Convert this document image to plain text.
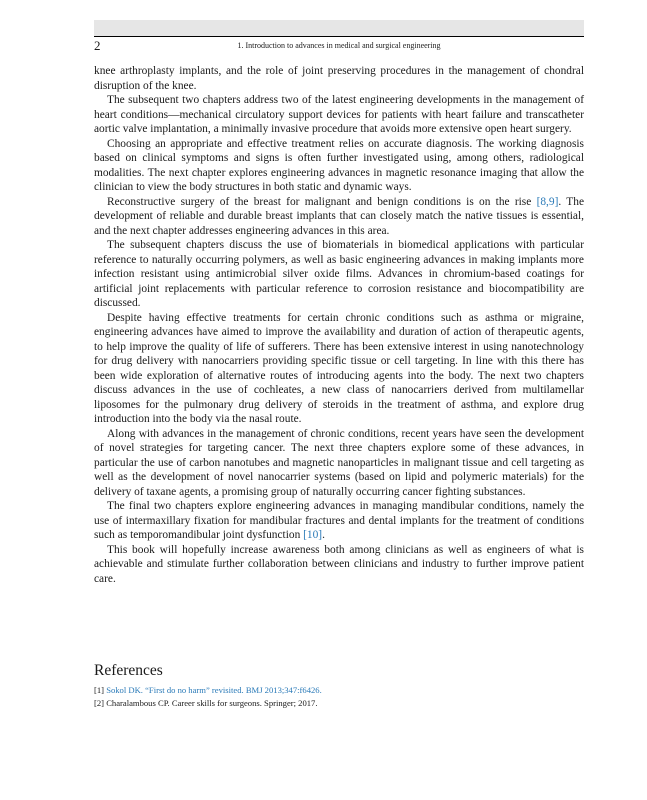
2	1. Introduction to advances in medical and surgical engineering

knee arthroplasty implants, and the role of joint preserving procedures in the management of chondral disruption of the knee.

The subsequent two chapters address two of the latest engineering developments in the management of heart conditions—mechanical circulatory support devices for patients with heart failure and transcatheter aortic valve implantation, a minimally invasive procedure that avoids more extensive open heart surgery.

Choosing an appropriate and effective treatment relies on accurate diagnosis. The working diagnosis based on clinical symptoms and signs is often further investigated using, among others, radiological modalities. The next chapter explores engineering advances in magnetic resonance imaging that allow the clinician to view the body structures in both static and dynamic ways.

Reconstructive surgery of the breast for malignant and benign conditions is on the rise [8,9]. The development of reliable and durable breast implants that can closely match the native tissues is essential, and the next chapter addresses engineering advances in this area.

The subsequent chapters discuss the use of biomaterials in biomedical applications with particular reference to naturally occurring polymers, as well as basic engineering advances in making implants more infection resistant using antimicrobial silver oxide films. Advances in chromium-based coatings for artificial joint replacements with particular reference to corrosion resistance and biocompatibility are discussed.

Despite having effective treatments for certain chronic conditions such as asthma or migraine, engineering advances have aimed to improve the availability and duration of action of therapeutic agents, to help improve the quality of life of sufferers. There has been extensive interest in using nanotechnology for drug delivery with nanocarriers providing specific tissue or cell targeting. In line with this there has been wide exploration of alternative routes of introducing agents into the body. The next two chapters discuss advances in the use of cochleates, a new class of nanocarriers derived from multilamellar liposomes for the pulmonary drug delivery of steroids in the treatment of asthma, and explore drug introduction into the body via the nasal route.

Along with advances in the management of chronic conditions, recent years have seen the development of novel strategies for targeting cancer. The next three chapters explore some of these advances, in particular the use of carbon nanotubes and magnetic nanoparticles in malignant tissue and cell targeting as well as the development of novel nanocarrier systems (based on lipid and polymeric materials) for the delivery of taxane agents, a promising group of naturally occurring cancer fighting substances.

The final two chapters explore engineering advances in managing mandibular conditions, namely the use of intermaxillary fixation for mandibular fractures and dental implants for the treatment of conditions such as temporomandibular joint dysfunction [10].

This book will hopefully increase awareness both among clinicians as well as engineers of what is achievable and stimulate further collaboration between clinicians and industry to further improve patient care.

References
[1] Sokol DK. “First do no harm” revisited. BMJ 2013;347:f6426.
[2] Charalambous CP. Career skills for surgeons. Springer; 2017.
